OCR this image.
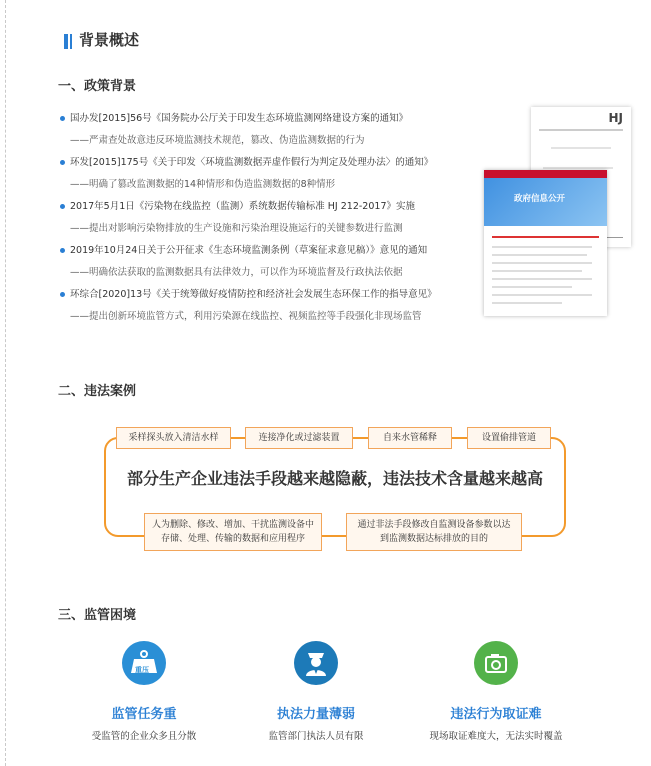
背景概述
一、政策背景
国办发[2015]56号《国务院办公厅关于印发生态环境监测网络建设方案的通知》
——严肃查处故意违反环境监测技术规范，篡改、伪造监测数据的行为
环发[2015]175号《关于印发〈环境监测数据弄虚作假行为判定及处理办法〉的通知》
——明确了篡改监测数据的14种情形和伪造监测数据的8种情形
2017年5月1日《污染物在线监控（监测）系统数据传输标准 HJ 212-2017》实施
——提出对影响污染物排放的生产设施和污染治理设施运行的关键参数进行监测
2019年10月24日关于公开征求《生态环境监测条例（草案征求意见稿）》意见的通知
——明确依法获取的监测数据具有法律效力，可以作为环境监督及行政执法依据
环综合[2020]13号《关于统筹做好疫情防控和经济社会发展生态环保工作的指导意见》
——提出创新环境监管方式，利用污染源在线监控、视频监控等手段强化非现场监管
HJ
政府信息公开
二、违法案例
采样探头放入清洁水样	连接净化或过滤装置	自来水管稀释	设置偷排管道
部分生产企业违法手段越来越隐蔽，违法技术含量越来越高
人为删除、修改、增加、干扰监测设备中存储、处理、传输的数据和应用程序
通过非法手段修改自监测设备参数以达到监测数据达标排放的目的
三、监管困境
重压
监管任务重
受监管的企业众多且分散
执法力量薄弱
监管部门执法人员有限
违法行为取证难
现场取证难度大，无法实时覆盖
